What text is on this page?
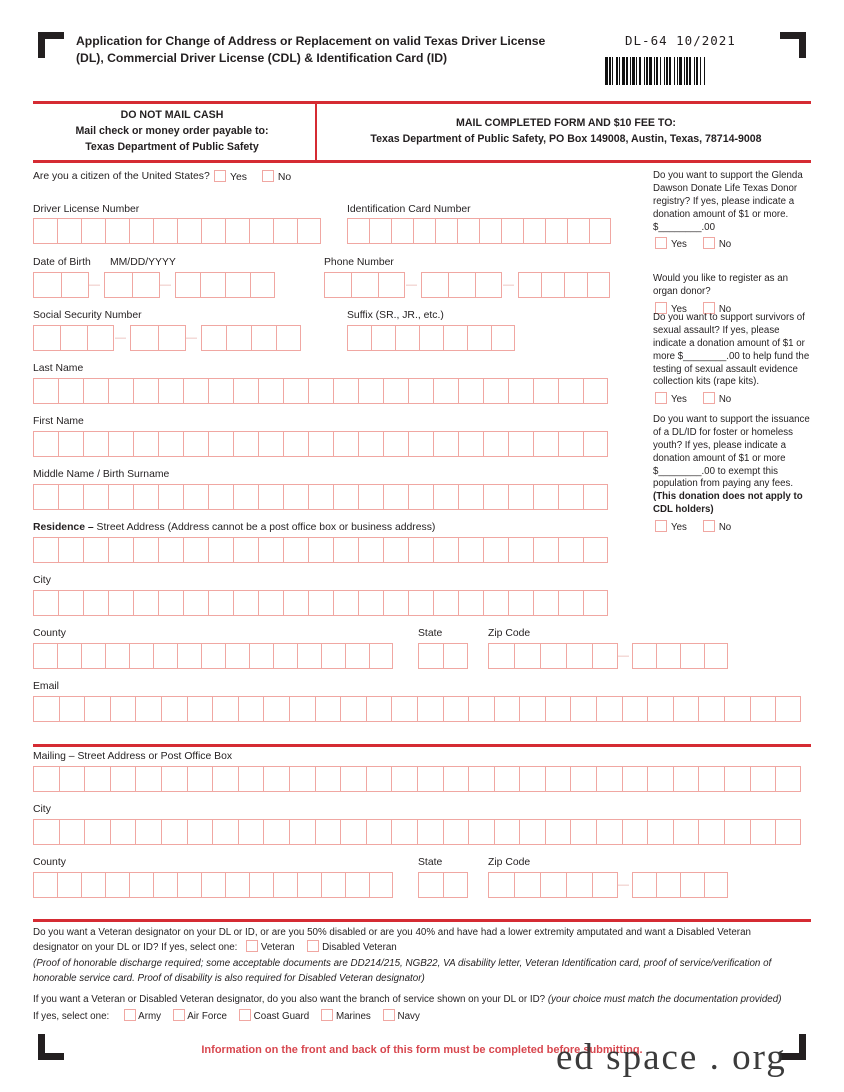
Application for Change of Address or Replacement on valid Texas Driver License (DL), Commercial Driver License (CDL) & Identification Card (ID)
DL-64 10/2021
DO NOT MAIL CASH
Mail check or money order payable to:
Texas Department of Public Safety
MAIL COMPLETED FORM AND $10 FEE TO:
Texas Department of Public Safety, PO Box 149008, Austin, Texas, 78714-9008
Are you a citizen of the United States?	Yes	No
Driver License Number	Identification Card Number
Date of Birth MM/DD/YYYY
—	—
Phone Number
—	—
Social Security Number
—	—
Suffix (SR., JR., etc.)
Last Name
First Name
Middle Name / Birth Surname
Residence – Street Address (Address cannot be a post office box or business address)
City
County	State	Zip Code
—
Email
Mailing – Street Address or Post Office Box
City
County	State	Zip Code
—

Do you want to support the Glenda Dawson Donate Life Texas Donor registry? If yes, please indicate a donation amount of $1 or more.

$________.00

Yes	No

Would you like to register as an organ donor?

Yes	No

Do you want to support survivors of sexual assault? If yes, please indicate a donation amount of $1 or more $________.00 to help fund the testing of sexual assault evidence collection kits (rape kits).

Yes	No

Do you want to support the issuance of a DL/ID for foster or homeless youth? If yes, please indicate a donation amount of $1 or more $________.00 to exempt this population from paying any fees. (This donation does not apply to CDL holders)

Yes	No
Do you want a Veteran designator on your DL or ID, or are you 50% disabled or are you 40% and have had a lower extremity amputated and want a Disabled Veteran
designator on your DL or ID? If yes, select one: Veteran	Disabled Veteran
(Proof of honorable discharge required; some acceptable documents are DD214/215, NGB22, VA disability letter, Veteran Identification card, proof of service/verification of honorable service card. Proof of disability is also required for Disabled Veteran designator)
If you want a Veteran or Disabled Veteran designator, do you also want the branch of service shown on your DL or ID? (your choice must match the documentation provided)
If yes, select one:	Army Air Force Coast Guard Marines Navy
Information on the front and back of this form must be completed before submitting.
ed space . org
